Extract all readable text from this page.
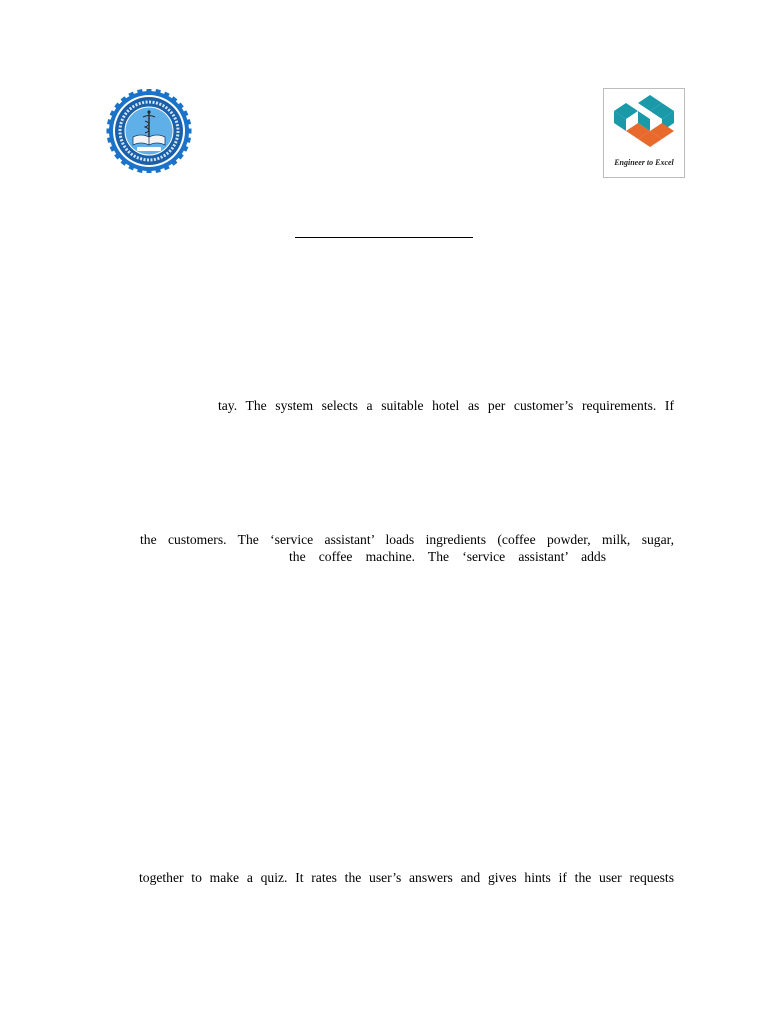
Engineer to Excel
tay. The system selects a suitable hotel as per customer’s requirements. If
the customers. The ‘service assistant’ loads ingredients (coffee powder, milk, sugar,
the coffee machine. The ‘service assistant’ adds
together to make a quiz. It rates the user’s answers and gives hints if the user requests
